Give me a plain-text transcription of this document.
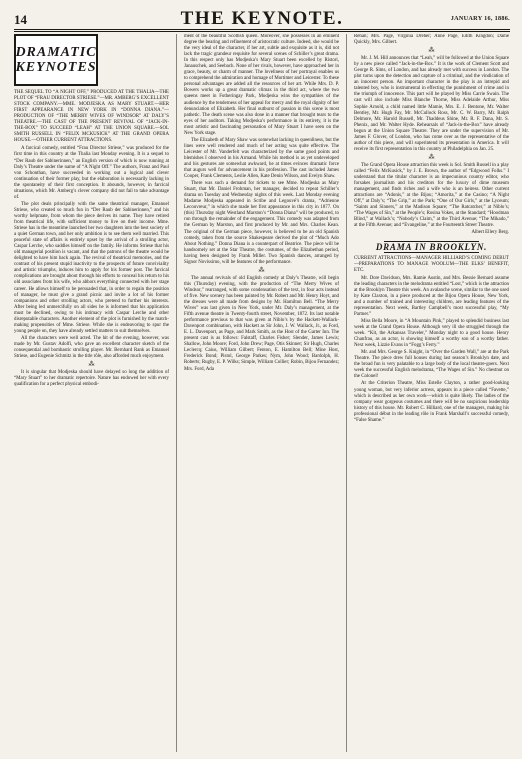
14	THE KEYNOTE.	JANUARY 16, 1886.
DRAMATIC KEYNOTES
THE SEQUEL TO “A NIGHT OFF,” PRODUCED AT THE THALIA—THE PLOT OF “FRAU DIRECTOR STRIESE.”—MR. AMBERG’S EXCELLENT STOCK COMPANY.—MME. MODJESKA AS MARY STUART.—HER FIRST APPEARANCE IN NEW YORK IN “DONNA DIANA.”—PRODUCTION OF “THE MERRY WIVES OF WINDSOR” AT DALY’S THEATRE.—THE CAST OF THE PRESENT REVIVAL OF “JACK-IN-THE-BOX” TO SUCCEED “LEAH” AT THE UNION SQUARE.—SOL SMITH RUSSELL IN “FELIX MCKUSICK” AT THE GRAND OPERA HOUSE.—OTHER CURRENT ATTRACTIONS.

A farcical comedy, entitled “Frau Director Striese,” was produced for the first time in this country at the Thalia last Monday evening. It is a sequel to “Der Raub der Sabinerinnen,” an English version of which is now running at Daly’s Theatre under the name of “A Night Off.” The authors, Franz and Paul von Schonthan, have succeeded in working out a logical and clever continuation of their former play, but the elaboration is necessarily lacking in the spontaneity of their first conception. It abounds, however, in farcical situations, which Mr. Amberg’s clever company did not fail to take advantage of.

The plot deals principally with the same theatrical manager, Emanuel Striese, who created so much fun in “Der Raub der Sabinerinnen,” and his worthy helpmate, from whom the piece derives its name. They have retired from theatrical life, with sufficient money to live on their income. Mme. Striese has in the meantime launched her two daughters into the best society of a quiet German town, and her only ambition is to see them well married. This peaceful state of affairs is entirely upset by the arrival of a strolling actor, Caspar Lerche, who saddles himself on the family. He informs Striese that his old managerial position is vacant, and that the patrons of the theatre would be delighted to have him back again. The revival of theatrical memories, and the contrast of his present stupid inactivity to the prospects of future conviviality and artistic triumphs, induces him to apply for his former post. The farcical complications are brought about through his efforts to conceal his return to his old associates from his wife, who abhors everything connected with her stage career. He allows himself to be persuaded that, in order to regain the position of manager, he must give a grand picnic and invite a lot of his former companions and other strolling actors, who pretend to further his interests. After being led unmercifully on all sides he is informed that his application must be declined, owing to his intimacy with Caspar Lerche and other disreputable characters. Another element of the plot is furnished by the match-making propensities of Mme. Striese. While she is endeavoring to spur the young people on, they have already settled matters to suit themselves.

All the characters were well acted. The hit of the evening, however, was made by Mr. Gustav Adolfi, who gave an excellent character sketch of the consequential and bombastic strolling player. Mr. Bernhard Rank as Emanuel Striese, and Eugenie Schmitz in the title rôle, also afforded much enjoyment.

⁂

It is singular that Modjeska should have delayed so long the addition of “Mary Stuart” to her dramatic repertoire. Nature has endowed her with every qualification for a perfect physical embodi-

ment of the beautiful Scottish queen. Moreover, she possesses in an eminent degree the bearing and refinement of aristocratic culture. Indeed, she would be the very ideal of the character, if her art, subtle and exquisite as it is, did not lack the tragic grandeur requisite for several scenes of Schiller’s great drama. In this respect only has Modjeska’s Mary Stuart been excelled by Ristori, Janauschek, and Seebach. None of her rivals, however, have approached her in grace, beauty, or charm of manner. The loveliness of her portrayal enables us to comprehend the admiration and homage of Mortimer and Leicester. To these personal advantages are added all the resources of her art. While Mrs. D. P. Bowers works up a great dramatic climax in the third act, where the two queens meet in Fotheringay Park, Modjeska wins the sympathies of the audience by the tenderness of her appeal for mercy and the royal dignity of her denunciation of Elizabeth. Her final outburst of passion in this scene is most pathetic. The death scene was also done in a manner that brought tears to the eyes of her auditors. Taking Modjeska’s performance in its entirety, it is the most artistic and fascinating personation of Mary Stuart I have seen on the New York stage.

The Elizabeth of Mary Shaw was somewhat lacking in queenliness, but the lines were well rendered and much of her acting was quite effective. The Leicester of Mr. Vanderfelt was characterized by the same good points and blemishes I observed in his Armand. While his method is as yet undeveloped and his gestures are somewhat awkward, he at times evinces dramatic force that augurs well for advancement in his profession. The cast included James Cooper, Frank Clements, Leslie Allen, Kate Denin Wilson, and Evelyn Shaw.

There was such a demand for tickets to see Mme. Modjeska as Mary Stuart, that Mr. Daniel Frohman, her manager, decided to repeat Schiller’s drama on Tuesday and Wednesday nights of this week. Last Monday evening Madame Modjeska appeared in Scribe and Legouvé’s drama, “Adrienne Lecouvreur,” in which she made her first appearance in this city in 1877. On (this) Thursday night Westland Marston’s “Donna Diana” will be produced, to run through the remainder of the engagement. This comedy was adapted from the German by Marston, and first produced by Mr. and Mrs. Charles Kean. The original of the German piece, however, is believed to be an old Spanish comedy, taken from the source Shakespeare derived the plot of “Much Ado About Nothing.” Donna Diana is a counterpart of Beatrice. The piece will be handsomely set at the Star Theatre, the costumes, of the Elizabethan period, having been designed by Frank Miller. Two Spanish dances, arranged by Signor Novissimo, will be features of the performance.

⁂

The annual revivals of old English comedy at Daly’s Theatre, will begin this (Thursday) evening, with the production of “The Merry Wives of Windsor,” rearranged, with some condensation of the text, in four acts instead of five. New scenery has been painted by Mr. Robert and Mr. Henry Hoyt, and the dresses were all made from designs by Mr. Hamilton Bell. “The Merry Wives” was last given in New York, under Mr. Daly’s management, at the Fifth avenue theatre in Twenty-fourth street, November, 1872. Its last notable performance previous to that was given at Niblo’s by the Hackett-Wallack-Davenport combination, with Hackett as Sir John, J. W. Wallack, Jr., as Ford, E. L. Davenport, as Page, and Mark Smith, as the Host of the Garter Inn. The present cast is as follows: Falstaff, Charles Fisher; Slender, James Lewis; Shallow, John Moore; Ford, John Drew; Page, Otis Skinner; Sir Hugh, Charles Leclercq; Caius, William Gilbert; Fenton, E. Hamilton Bell; Mine Host, Frederick Bond; Pistol, George Parkes; Nym, John Wood; Bardolph, H. Roberts; Rugby, E. P. Wilks; Simple, William Collier; Robin, Bijou Fernandez; Mrs. Ford, Ada

Rehan; Mrs. Page, Virginia Dreher; Anne Page, Edith Kingdon; Dame Quickly, Mrs. Gilbert.

⁂

Mr. J. M. Hill announces that “Leah,” will be followed at the Union Square by a new piece called “Jack-in-the-Box.” It is the work of Clement Scott and George R. Sims, of London, and has already met with success in London. The plot turns upon the detection and capture of a criminal, and the vindication of an innocent person. An important character in the play is an intrepid and talented boy, who is instrumental in effecting the punishment of crime and in the triumph of innocence. This part will be played by Miss Carrie Swain. The cast will also include Miss Blanche Thorne, Miss Adelaide Arthur, Miss Sophie Arnold, a child named little Mamie, Mrs. E. J. Bentone, Mr. Walter Bentley, Mr. Hugh Fay, Mr. McCullock Ross, Mr. C. W. Barry, Mr. Ralph Delmore, Mr. Harold Russell, Mr. Thaddeus Shine, Mr. R. F. Dana, Mr. S. Phenix, and Mr. Walter Hyde. Rehearsals of “Jack-in-the-Box” have already begun at the Union Square Theatre. They are under the supervision of Mr. James F. Glover, of London, who has come over as the representative of the author of this piece, and will superintend its presentation in America. It will receive its first representation in this country at Philadelphia on Jan. 25.

⁂

The Grand Opera House attraction this week is Sol. Smith Russell in a play called “Felix McKusick,” by J. E. Brown, the author of “Edgwood Folks.” I understand that the titular character is an impecunious country editor, who forsakes journalism and his creditors for the luxury of dime museum management, and finds riches and a wife who is an heiress. Other current attractions are “Adonis,” at the Bijou; “Amorita,” at the Casino; “A Night Off,” at Daly’s; “The Grip,” at the Park; “One of Our Girls,” at the Lyceum; “Saints and Sinners,” at the Madison Square; “The Ratcatcher,” at Niblo’s; “The Wages of Sin,” at the People’s; Rosina Vokes, at the Standard; “Hoodman Blind,” at Wallack’s; “Nobody’s Claim,” at the Third Avenue; “The Mikado,” at the Fifth Avenue; and “Evangeline,” at the Fourteenth Street Theatre.

Albert Ellery Berg.
DRAMA IN BROOKLYN.
CURRENT ATTRACTIONS—MANAGER HILLIARD’S COMING DEBUT—PREPARATIONS TO MANAGE WOOLUM—THE ELKS’ BENEFIT, ETC.

Mr. Dore Davidson, Mrs. Ramie Austin, and Mrs. Bessie Bernard assume the leading characters in the melodrama entitled “Lost,” which is the attraction at the Brooklyn Theatre this week. An avalanche scene, similar to the one used by Kate Claxton, in a piece produced at the Bijou Opera House, New York, and a number of trained and interesting children, are leading features of the representation. Next week, Bartley Campbell’s most successful play, “My Partner.”

Miss Bella Moore, in “A Mountain Pink,” played to splendid business last week at the Grand Opera House. Although very ill she struggled through the week. “Kit, the Arkansas Traveler,” Monday night to a good house. Henry Chanfrau, as an actor, is showing himself a worthy son of a worthy father. Next week, Lizzie Evans in “Fogg’s Ferry.”

Mr. and Mrs. George S. Knight, in “Over the Garden Wall,” are at the Park Theatre. The piece drew full houses during last season’s Brooklyn date, and the broad fun is very palatable to a large body of the local theatre-goers. Next week the successful English melodrama, “The Wages of Sin.” No chestnut on the Colonel!

At the Criterion Theatre, Miss Estelle Clayton, a rather good-looking young woman, but very inferior actress, appears in a piece called “Favette,” which is described as her own work—which is quite likely. The ladies of the company wear gorgeous costumes and there will be no suspicious leadership history of this house. Mr. Robert C. Hilliard, one of the managers, making his professional début in the leading rôle in Frank Marshall’s successful comedy, “False Shame.”
